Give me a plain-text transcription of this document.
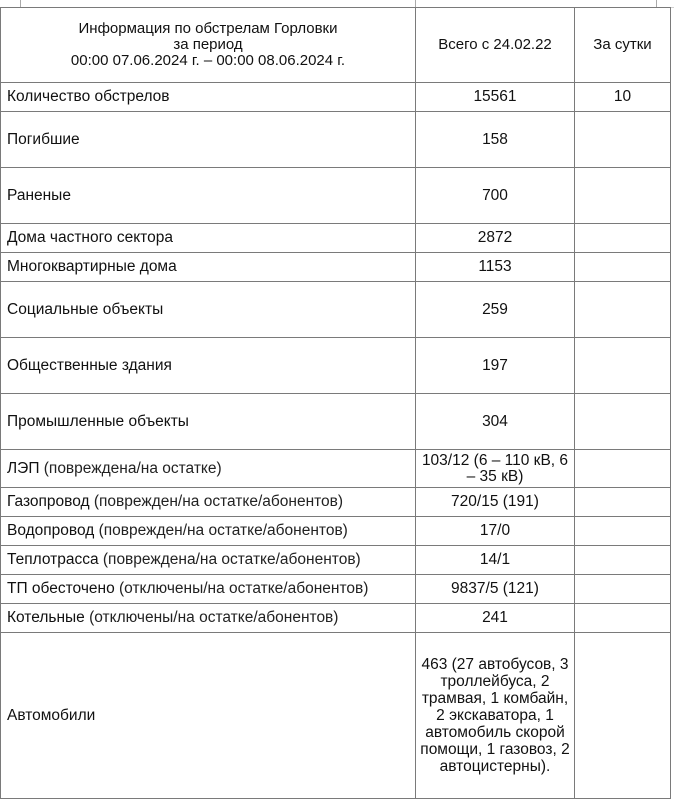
Информация по обстрелам Горловки
за период
00:00 07.06.2024 г. – 00:00 08.06.2024 г.	Всего с 24.02.22	За сутки
Количество обстрелов	15561	10
Погибшие	158	
Раненые	700	
Дома частного сектора	2872	
Многоквартирные дома	1153	
Социальные объекты	259	
Общественные здания	197	
Промышленные объекты	304	
ЛЭП (повреждена/на остатке)	103/12 (6 – 110 кВ, 6 – 35 кВ)	
Газопровод (поврежден/на остатке/абонентов)	720/15 (191)	
Водопровод (поврежден/на остатке/абонентов)	17/0	
Теплотрасса (повреждена/на остатке/абонентов)	14/1	
ТП обесточено (отключены/на остатке/абонентов)	9837/5 (121)	
Котельные (отключены/на остатке/абонентов)	241	
Автомобили	463 (27 автобусов, 3 троллейбуса, 2 трамвая, 1 комбайн, 2 экскаватора, 1 автомобиль скорой помощи, 1 газовоз, 2 автоцистерны).	
